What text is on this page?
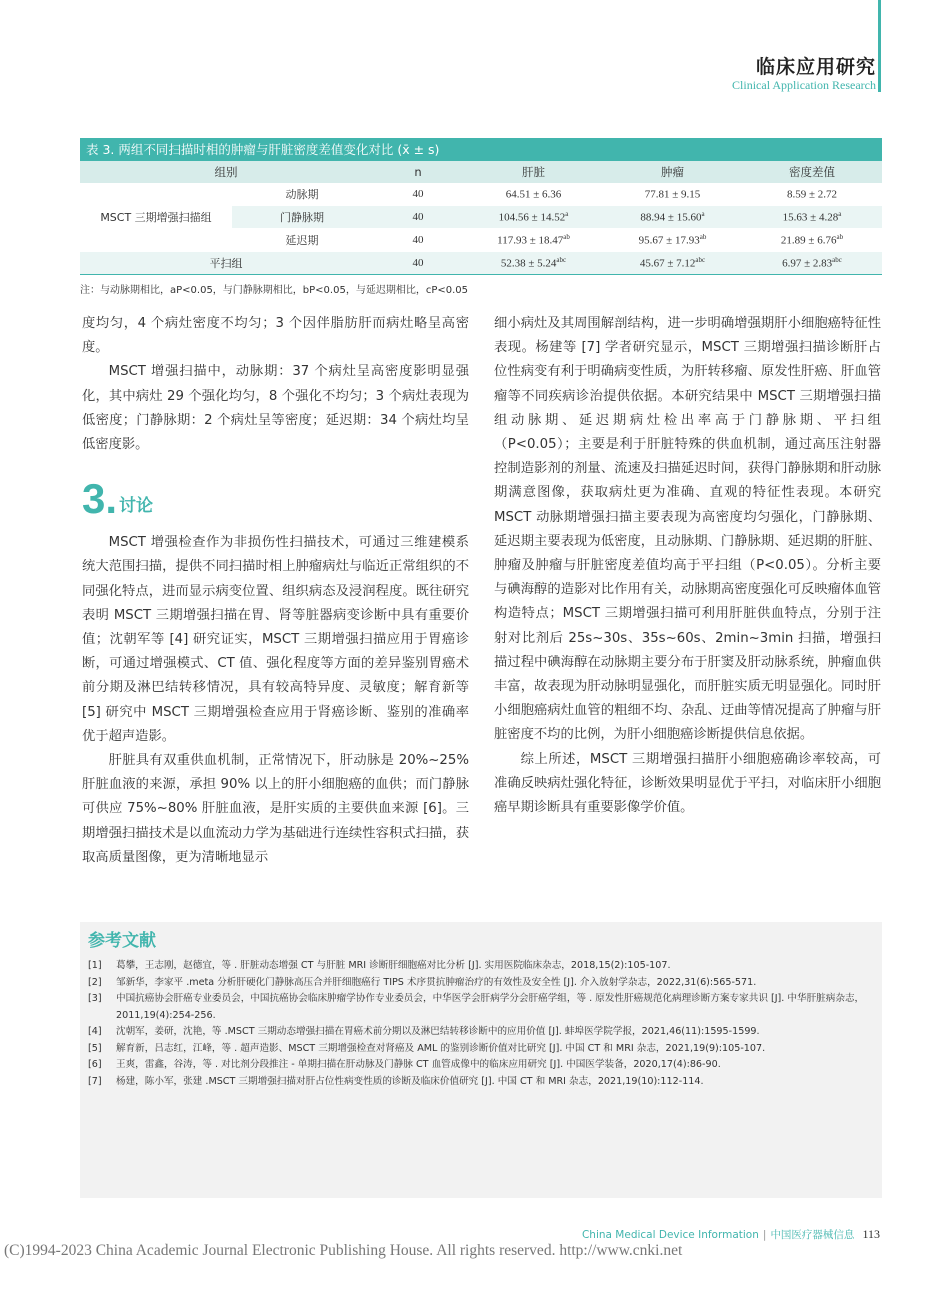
临床应用研究
Clinical Application Research
表 3. 两组不同扫描时相的肿瘤与肝脏密度差值变化对比 (x̄ ± s)
组别		n	肝脏	肿瘤	密度差值
MSCT 三期增强扫描组	动脉期	40	64.51 ± 6.36	77.81 ± 9.15	8.59 ± 2.72
	门静脉期	40	104.56 ± 14.52$^a$	88.94 ± 15.60$^a$	15.63 ± 4.28$^a$
	延迟期	40	117.93 ± 18.47$^{ab}$	95.67 ± 17.93$^{ab}$	21.89 ± 6.76$^{ab}$
平扫组		40	52.38 ± 5.24$^{abc}$	45.67 ± 7.12$^{abc}$	6.97 ± 2.83$^{abc}$
注：与动脉期相比，aP<0.05，与门静脉期相比，bP<0.05，与延迟期相比，cP<0.05

度均匀，4 个病灶密度不均匀；3 个因伴脂肪肝而病灶略呈高密度。

MSCT 增强扫描中，动脉期：37 个病灶呈高密度影明显强化，其中病灶 29 个强化均匀，8 个强化不均匀；3 个病灶表现为低密度；门静脉期：2 个病灶呈等密度；延迟期：34 个病灶均呈低密度影。

3. 讨论

MSCT 增强检查作为非损伤性扫描技术，可通过三维建模系统大范围扫描，提供不同扫描时相上肿瘤病灶与临近正常组织的不同强化特点，进而显示病变位置、组织病态及浸润程度。既往研究表明 MSCT 三期增强扫描在胃、肾等脏器病变诊断中具有重要价值；沈朝军等 [4] 研究证实，MSCT 三期增强扫描应用于胃癌诊断，可通过增强模式、CT 值、强化程度等方面的差异鉴别胃癌术前分期及淋巴结转移情况，具有较高特异度、灵敏度；解育新等 [5] 研究中 MSCT 三期增强检查应用于肾癌诊断、鉴别的准确率优于超声造影。

肝脏具有双重供血机制，正常情况下，肝动脉是 20%~25% 肝脏血液的来源，承担 90% 以上的肝小细胞癌的血供；而门静脉可供应 75%~80% 肝脏血液，是肝实质的主要供血来源 [6]。三期增强扫描技术是以血流动力学为基础进行连续性容积式扫描，获取高质量图像，更为清晰地显示

细小病灶及其周围解剖结构，进一步明确增强期肝小细胞癌特征性表现。杨建等 [7] 学者研究显示，MSCT 三期增强扫描诊断肝占位性病变有利于明确病变性质，为肝转移瘤、原发性肝癌、肝血管瘤等不同疾病诊治提供依据。本研究结果中 MSCT 三期增强扫描组动脉期、延迟期病灶检出率高于门静脉期、平扫组（P<0.05）；主要是利于肝脏特殊的供血机制，通过高压注射器控制造影剂的剂量、流速及扫描延迟时间，获得门静脉期和肝动脉期满意图像，获取病灶更为准确、直观的特征性表现。本研究 MSCT 动脉期增强扫描主要表现为高密度均匀强化，门静脉期、延迟期主要表现为低密度，且动脉期、门静脉期、延迟期的肝脏、肿瘤及肿瘤与肝脏密度差值均高于平扫组（P<0.05）。分析主要与碘海醇的造影对比作用有关，动脉期高密度强化可反映瘤体血管构造特点；MSCT 三期增强扫描可利用肝脏供血特点，分别于注射对比剂后 25s~30s、35s~60s、2min~3min 扫描，增强扫描过程中碘海醇在动脉期主要分布于肝窦及肝动脉系统，肿瘤血供丰富，故表现为肝动脉明显强化，而肝脏实质无明显强化。同时肝小细胞癌病灶血管的粗细不均、杂乱、迂曲等情况提高了肿瘤与肝脏密度不均的比例，为肝小细胞癌诊断提供信息依据。

综上所述，MSCT 三期增强扫描肝小细胞癌确诊率较高，可准确反映病灶强化特征，诊断效果明显优于平扫，对临床肝小细胞癌早期诊断具有重要影像学价值。

参考文献
[1]	葛攀，王志刚，赵德宜，等 . 肝脏动态增强 CT 与肝脏 MRI 诊断肝细胞癌对比分析 [J]. 实用医院临床杂志，2018,15(2):105-107.
[2]	邹新华，李家平 .meta 分析肝硬化门静脉高压合并肝细胞癌行 TIPS 术序贯抗肿瘤治疗的有效性及安全性 [J]. 介入放射学杂志，2022,31(6):565-571.
[3]	中国抗癌协会肝癌专业委员会，中国抗癌协会临床肿瘤学协作专业委员会，中华医学会肝病学分会肝癌学组，等 . 原发性肝癌规范化病理诊断方案专家共识 [J]. 中华肝脏病杂志，2011,19(4):254-256.
[4]	沈朝军，姜研，沈艳，等 .MSCT 三期动态增强扫描在胃癌术前分期以及淋巴结转移诊断中的应用价值 [J]. 蚌埠医学院学报，2021,46(11):1595-1599.
[5]	解育新，吕志红，江峰，等 . 超声造影、MSCT 三期增强检查对肾癌及 AML 的鉴别诊断价值对比研究 [J]. 中国 CT 和 MRI 杂志，2021,19(9):105-107.
[6]	王爽，雷鑫，谷涛，等 . 对比剂分段推注 - 单期扫描在肝动脉及门静脉 CT 血管成像中的临床应用研究 [J]. 中国医学装备，2020,17(4):86-90.
[7]	杨建，陈小军，张建 .MSCT 三期增强扫描对肝占位性病变性质的诊断及临床价值研究 [J]. 中国 CT 和 MRI 杂志，2021,19(10):112-114.
China Medical Device Information | 中国医疗器械信息 113
(C)1994-2023 China Academic Journal Electronic Publishing House. All rights reserved. http://www.cnki.net
